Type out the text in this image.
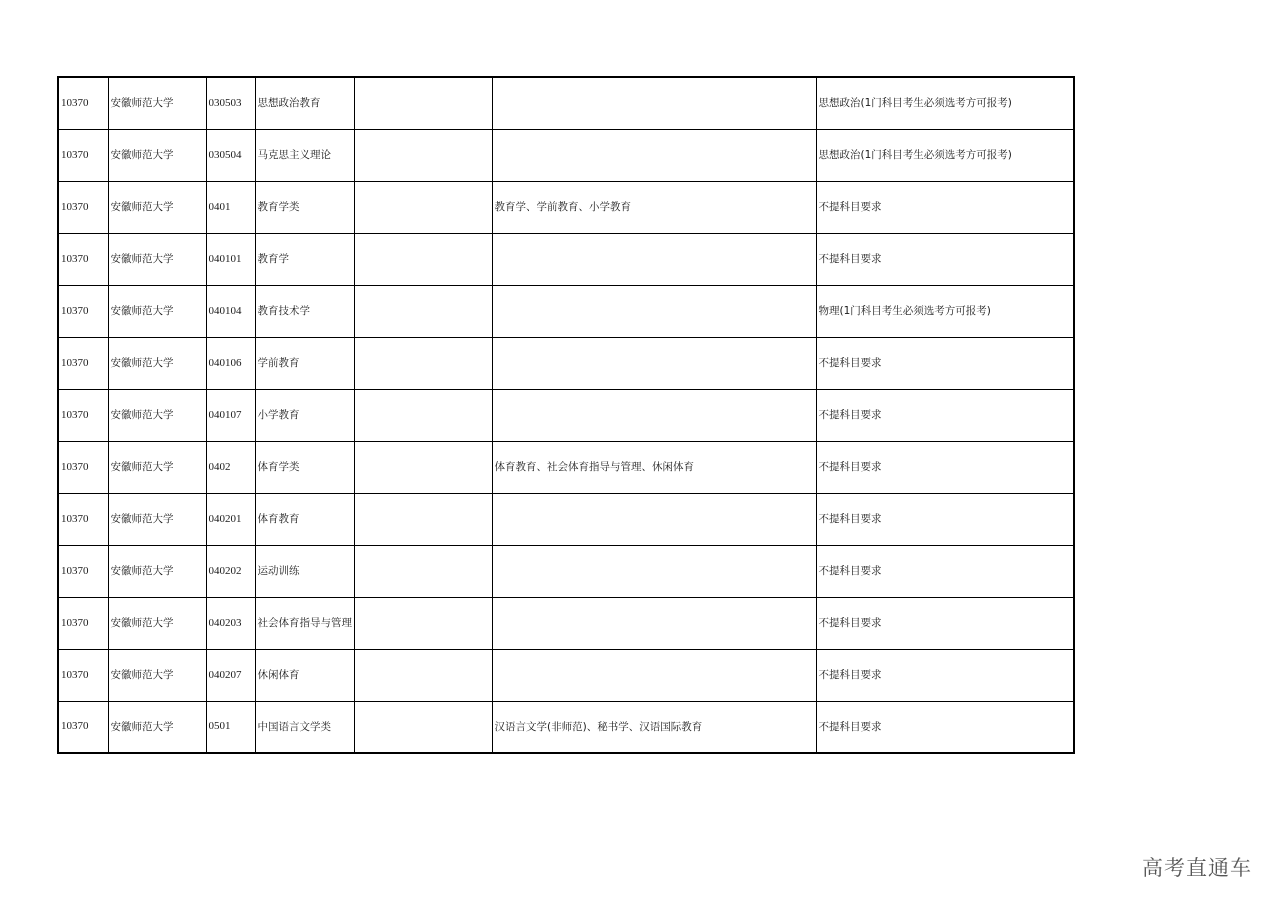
10370	安徽师范大学	030503	思想政治教育			思想政治(1门科目考生必须选考方可报考)
10370	安徽师范大学	030504	马克思主义理论			思想政治(1门科目考生必须选考方可报考)
10370	安徽师范大学	0401	教育学类		教育学、学前教育、小学教育	不提科目要求
10370	安徽师范大学	040101	教育学			不提科目要求
10370	安徽师范大学	040104	教育技术学			物理(1门科目考生必须选考方可报考)
10370	安徽师范大学	040106	学前教育			不提科目要求
10370	安徽师范大学	040107	小学教育			不提科目要求
10370	安徽师范大学	0402	体育学类		体育教育、社会体育指导与管理、休闲体育	不提科目要求
10370	安徽师范大学	040201	体育教育			不提科目要求
10370	安徽师范大学	040202	运动训练			不提科目要求
10370	安徽师范大学	040203	社会体育指导与管理			不提科目要求
10370	安徽师范大学	040207	休闲体育			不提科目要求
10370	安徽师范大学	0501	中国语言文学类		汉语言文学(非师范)、秘书学、汉语国际教育	不提科目要求
高考直通车
